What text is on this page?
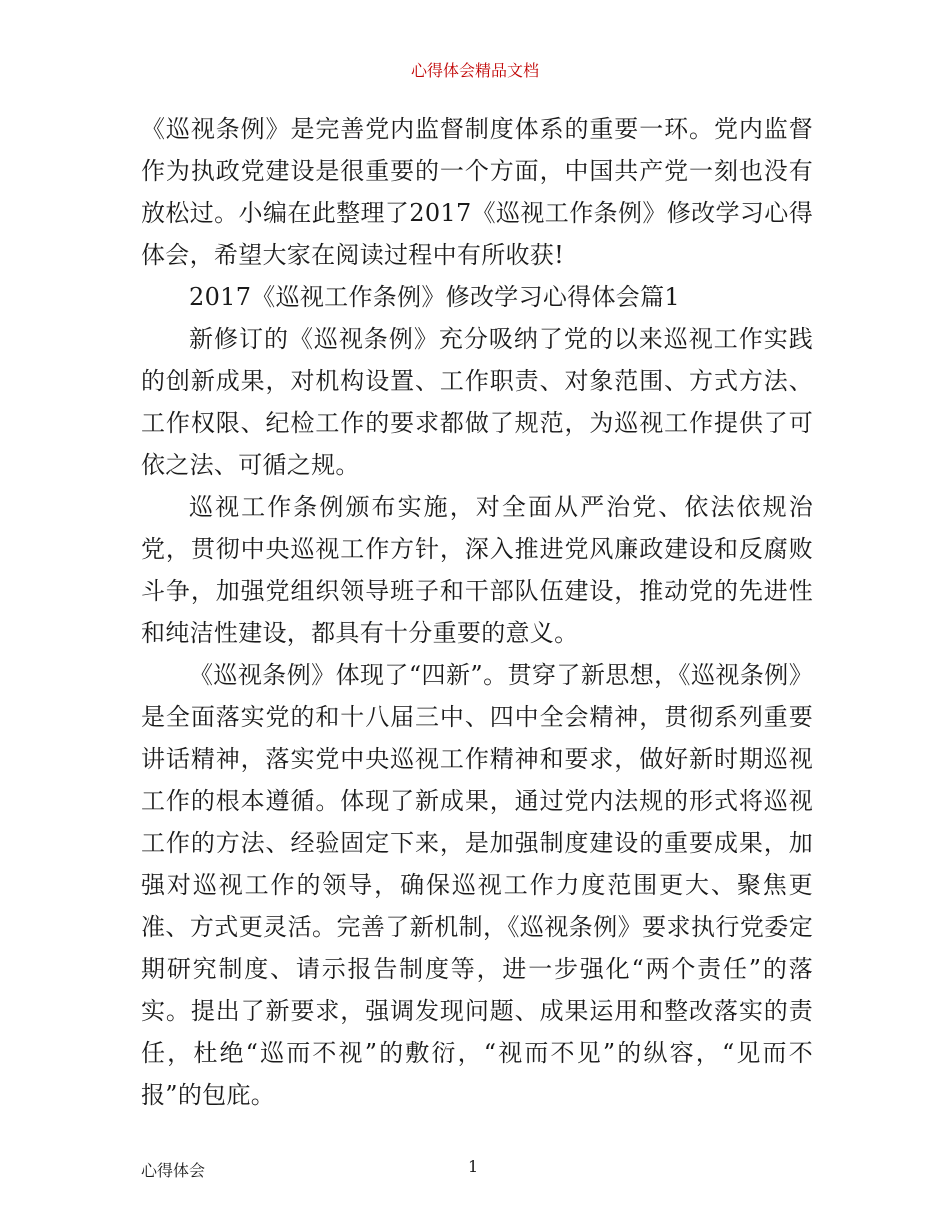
心得体会精品文档

《巡视条例》是完善党内监督制度体系的重要一环。党内监督作为执政党建设是很重要的一个方面，中国共产党一刻也没有放松过。小编在此整理了2017《巡视工作条例》修改学习心得体会，希望大家在阅读过程中有所收获!

2017《巡视工作条例》修改学习心得体会篇1

新修订的《巡视条例》充分吸纳了党的以来巡视工作实践的创新成果，对机构设置、工作职责、对象范围、方式方法、工作权限、纪检工作的要求都做了规范，为巡视工作提供了可依之法、可循之规。

巡视工作条例颁布实施，对全面从严治党、依法依规治党，贯彻中央巡视工作方针，深入推进党风廉政建设和反腐败斗争，加强党组织领导班子和干部队伍建设，推动党的先进性和纯洁性建设，都具有十分重要的意义。

《巡视条例》体现了“四新”。贯穿了新思想，《巡视条例》是全面落实党的和十八届三中、四中全会精神，贯彻系列重要讲话精神，落实党中央巡视工作精神和要求，做好新时期巡视工作的根本遵循。体现了新成果，通过党内法规的形式将巡视工作的方法、经验固定下来，是加强制度建设的重要成果，加强对巡视工作的领导，确保巡视工作力度范围更大、聚焦更准、方式更灵活。完善了新机制，《巡视条例》要求执行党委定期研究制度、请示报告制度等，进一步强化“两个责任”的落实。提出了新要求，强调发现问题、成果运用和整改落实的责任，杜绝“巡而不视”的敷衍，“视而不见”的纵容，“见而不报”的包庇。

心得体会	1
